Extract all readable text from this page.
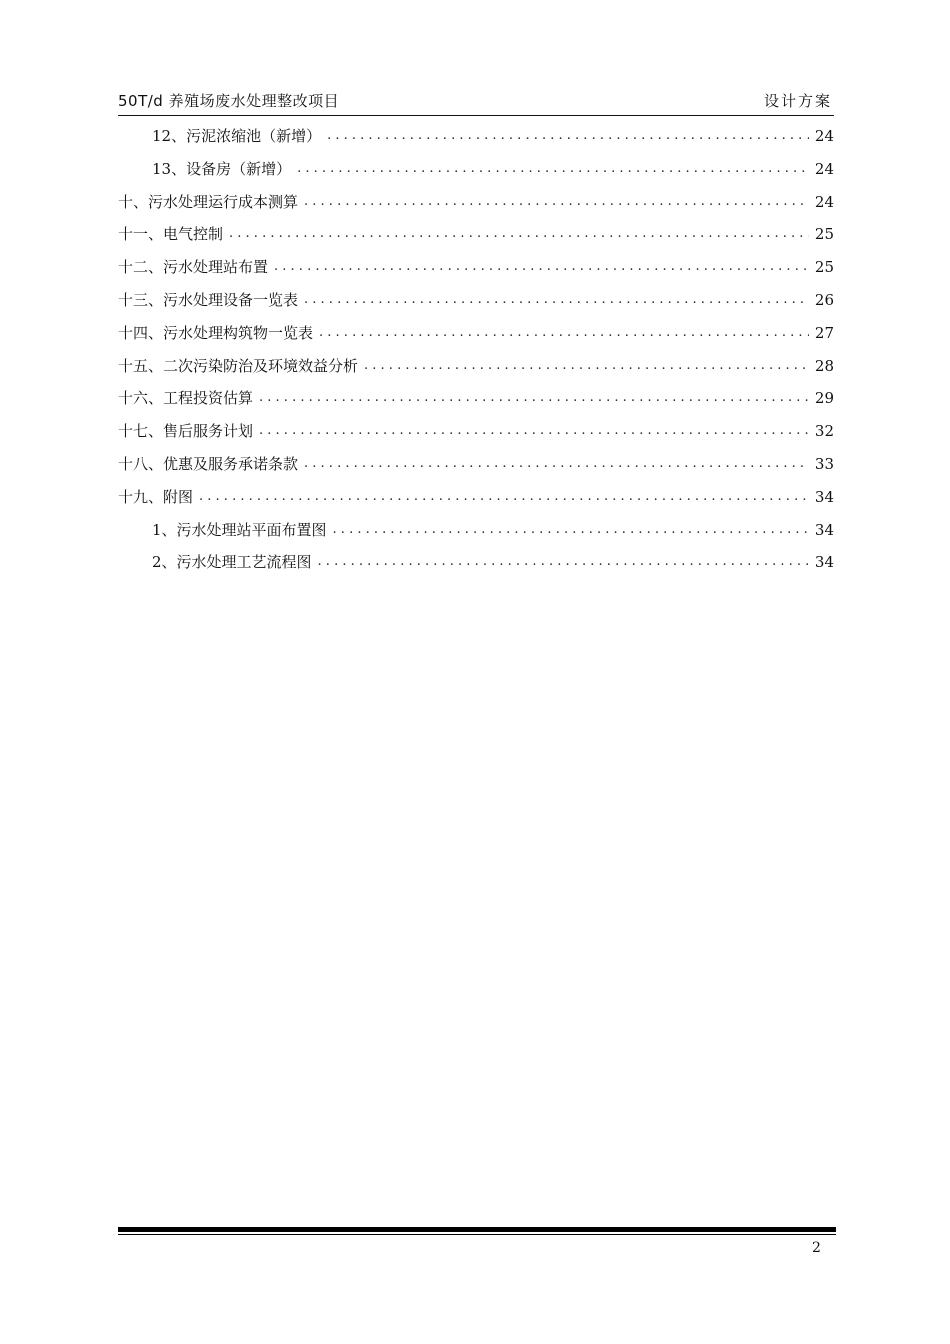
50T/d 养殖场废水处理整改项目	设计方案
12、污泥浓缩池（新增） . . .	24
13、设备房（新增） . . .	24
十、污水处理运行成本测算 . . .	24
十一、电气控制 . . .	25
十二、污水处理站布置 . . .	25
十三、污水处理设备一览表 . . .	26
十四、污水处理构筑物一览表 . . .	27
十五、二次污染防治及环境效益分析 . . .	28
十六、工程投资估算 . . .	29
十七、售后服务计划 . . .	32
十八、优惠及服务承诺条款 . . .	33
十九、附图 . . .	34
1、污水处理站平面布置图 . . .	34
2、污水处理工艺流程图 . . .	34
2
